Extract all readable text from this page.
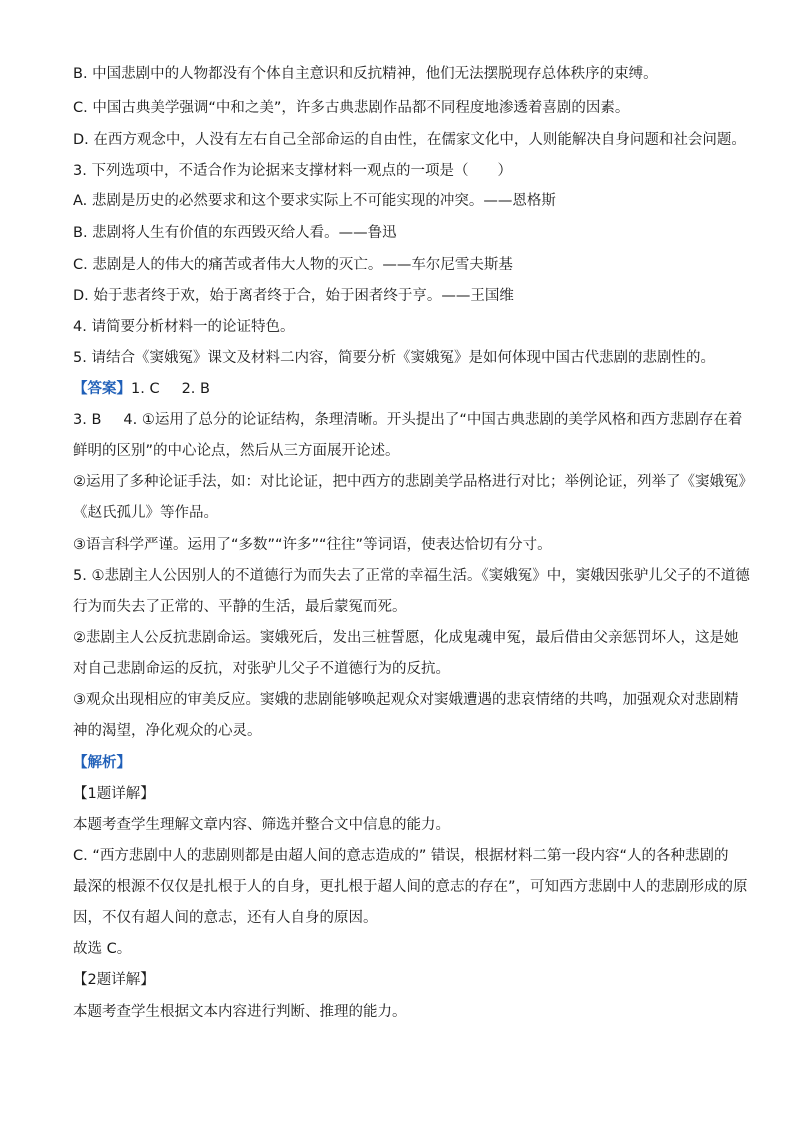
B. 中国悲剧中的人物都没有个体自主意识和反抗精神，他们无法摆脱现存总体秩序的束缚。
C. 中国古典美学强调“中和之美”，许多古典悲剧作品都不同程度地渗透着喜剧的因素。
D. 在西方观念中，人没有左右自己全部命运的自由性，在儒家文化中，人则能解决自身问题和社会问题。
3. 下列选项中，不适合作为论据来支撑材料一观点的一项是（　　）
A. 悲剧是历史的必然要求和这个要求实际上不可能实现的冲突。——恩格斯
B. 悲剧将人生有价值的东西毁灭给人看。——鲁迅
C. 悲剧是人的伟大的痛苦或者伟大人物的灭亡。——车尔尼雪夫斯基
D. 始于悲者终于欢，始于离者终于合，始于困者终于亨。——王国维
4. 请简要分析材料一的论证特色。
5. 请结合《窦娥冤》课文及材料二内容，简要分析《窦娥冤》是如何体现中国古代悲剧的悲剧性的。
【答案】1. C 2. B
3. B 4. ①运用了总分的论证结构，条理清晰。开头提出了“中国古典悲剧的美学风格和西方悲剧存在着
鲜明的区别”的中心论点，然后从三方面展开论述。
②运用了多种论证手法，如：对比论证，把中西方的悲剧美学品格进行对比；举例论证，列举了《窦娥冤》
《赵氏孤儿》等作品。
③语言科学严谨。运用了“多数”“许多”“往往”等词语，使表达恰切有分寸。
5. ①悲剧主人公因别人的不道德行为而失去了正常的幸福生活。《窦娥冤》中，窦娥因张驴儿父子的不道德
行为而失去了正常的、平静的生活，最后蒙冤而死。
②悲剧主人公反抗悲剧命运。窦娥死后，发出三桩誓愿，化成鬼魂申冤，最后借由父亲惩罚坏人，这是她
对自己悲剧命运的反抗，对张驴儿父子不道德行为的反抗。
③观众出现相应的审美反应。窦娥的悲剧能够唤起观众对窦娥遭遇的悲哀情绪的共鸣，加强观众对悲剧精
神的渴望，净化观众的心灵。
【解析】
【1题详解】
本题考查学生理解文章内容、筛选并整合文中信息的能力。
C. “西方悲剧中人的悲剧则都是由超人间的意志造成的” 错误，根据材料二第一段内容“人的各种悲剧的
最深的根源不仅仅是扎根于人的自身，更扎根于超人间的意志的存在”，可知西方悲剧中人的悲剧形成的原
因，不仅有超人间的意志，还有人自身的原因。
故选 C。
【2题详解】
本题考查学生根据文本内容进行判断、推理的能力。
